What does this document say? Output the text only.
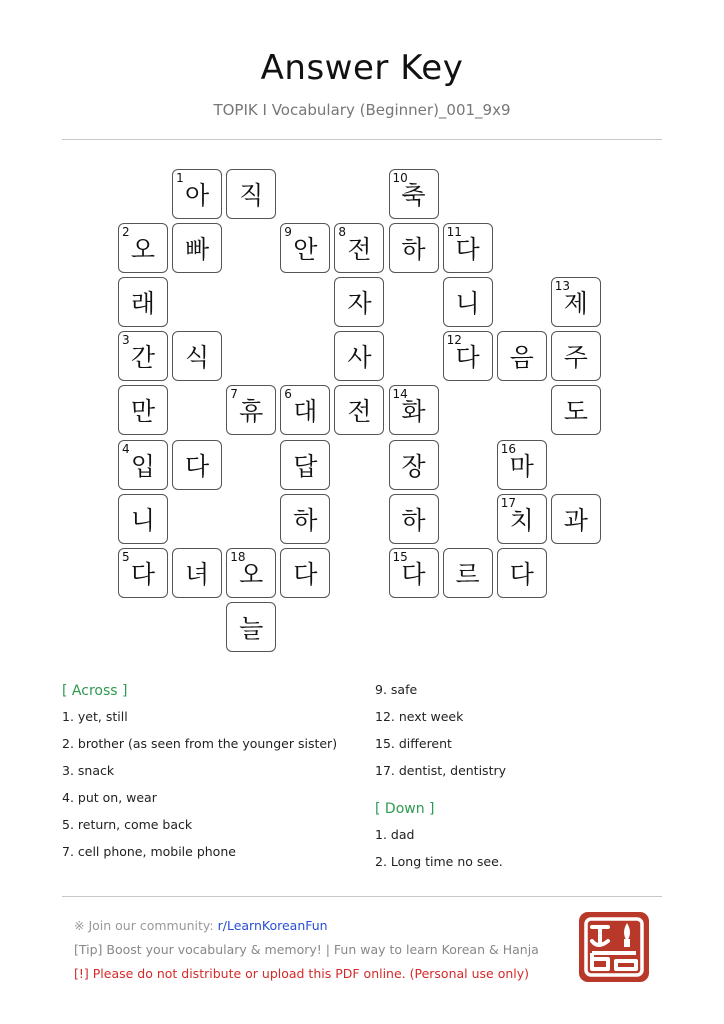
Answer Key
TOPIK I Vocabulary (Beginner)_001_9x9
아
1
직	축
10
오
2
빠	안
9
전
8
하	다
11
래	자	니	제
13
간
3
식	사	다
12
음	주
만	휴
7
대
6
전	화
14
도
입
4
다	답	장	마
16
니	하	하	치
17
과
다
5
녀	오
18
다	다
15
르	다
늘
[ Across ]
1. yet, still
2. brother (as seen from the younger sister)
3. snack
4. put on, wear
5. return, come back
7. cell phone, mobile phone
9. safe
12. next week
15. different
17. dentist, dentistry
[ Down ]
1. dad
2. Long time no see.
※ Join our community: r/LearnKoreanFun
[Tip] Boost your vocabulary & memory! | Fun way to learn Korean & Hanja
[!] Please do not distribute or upload this PDF online. (Personal use only)
